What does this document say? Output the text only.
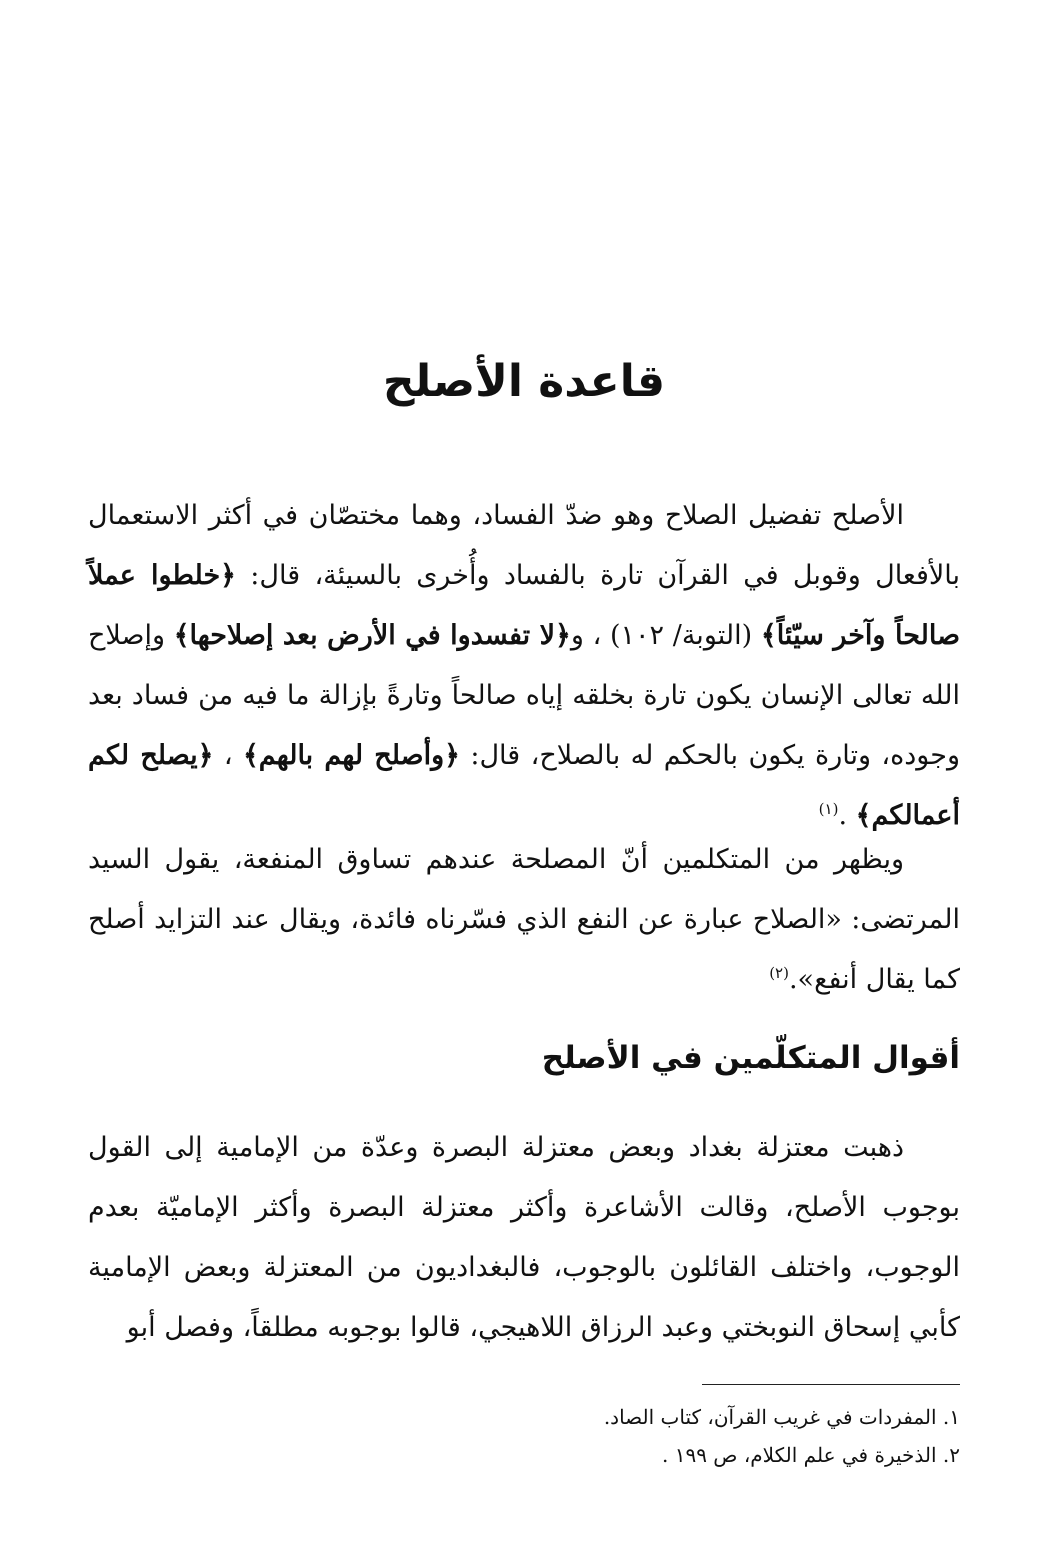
قاعدة الأصلح

الأصلح تفضيل الصلاح وهو ضدّ الفساد، وهما مختصّان في أكثر الاستعمال بالأفعال وقوبل في القرآن تارة بالفساد وأُخرى بالسيئة، قال: ﴿خلطوا عملاً صالحاً وآخر سيّئاً﴾ (التوبة/ ١٠٢) ، و﴿لا تفسدوا في الأرض بعد إصلاحها﴾ وإصلاح الله تعالى الإنسان يكون تارة بخلقه إياه صالحاً وتارةً بإزالة ما فيه من فساد بعد وجوده، وتارة يكون بالحكم له بالصلاح، قال: ﴿وأصلح لهم بالهم﴾ ، ﴿يصلح لكم أعمالكم﴾ .$^{(١)}$

ويظهر من المتكلمين أنّ المصلحة عندهم تساوق المنفعة، يقول السيد المرتضى: «الصلاح عبارة عن النفع الذي فسّرناه فائدة، ويقال عند التزايد أصلح كما يقال أنفع».$^{(٢)}$

أقوال المتكلّمين في الأصلح

ذهبت معتزلة بغداد وبعض معتزلة البصرة وعدّة من الإمامية إلى القول بوجوب الأصلح، وقالت الأشاعرة وأكثر معتزلة البصرة وأكثر الإماميّة بعدم الوجوب، واختلف القائلون بالوجوب، فالبغداديون من المعتزلة وبعض الإمامية كأبي إسحاق النوبختي وعبد الرزاق اللاهيجي، قالوا بوجوبه مطلقاً، وفصل أبو

١. المفردات في غريب القرآن، كتاب الصاد.

٢. الذخيرة في علم الكلام، ص ١٩٩ .
